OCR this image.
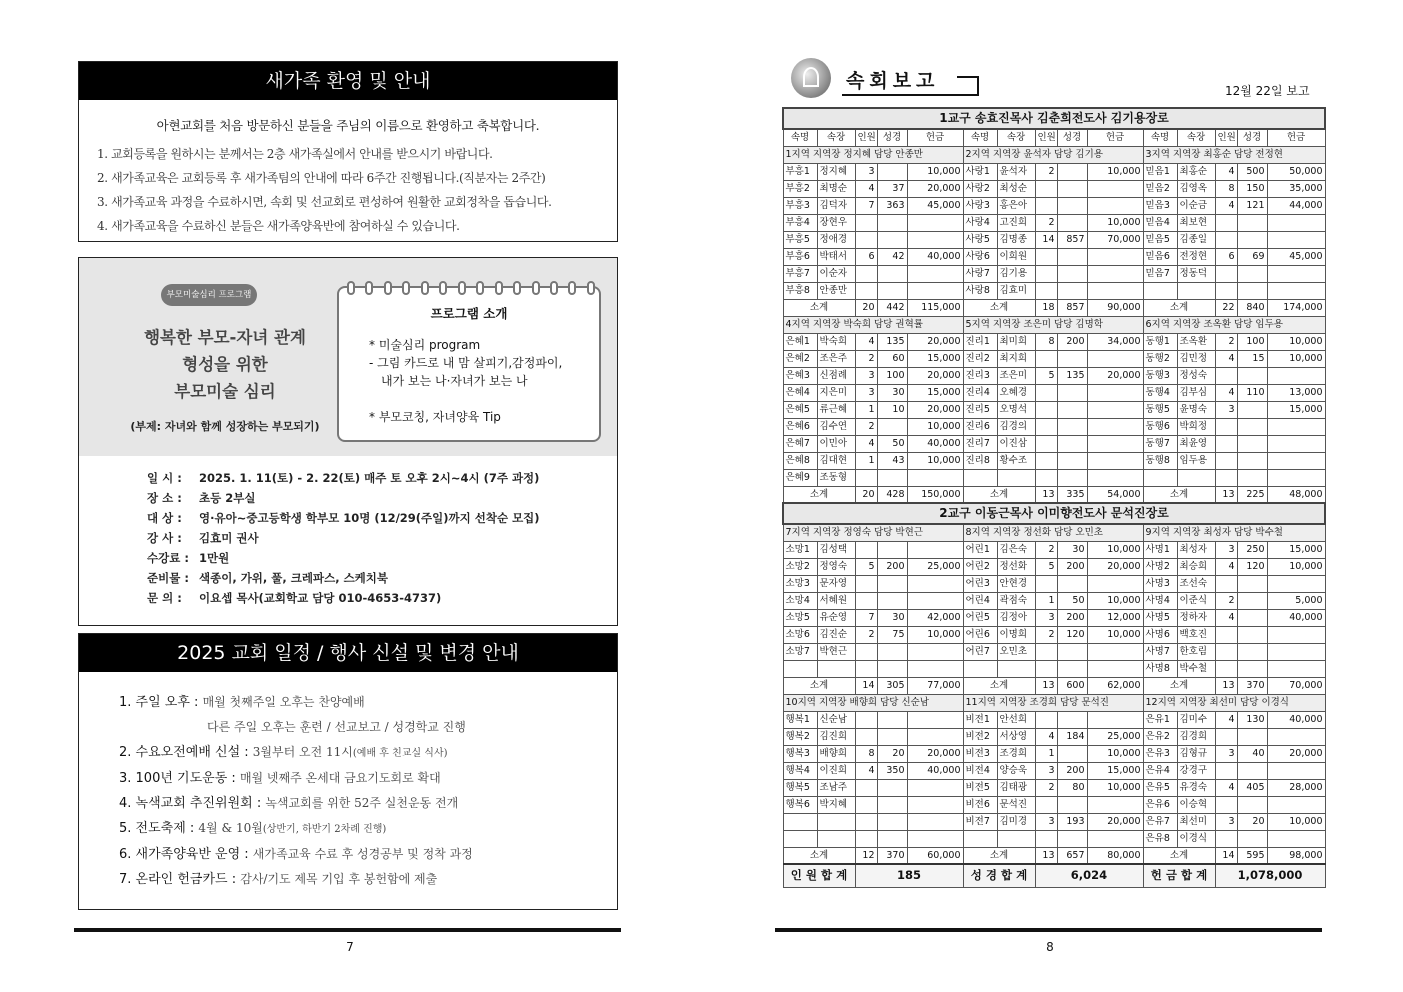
새가족 환영 및 안내

아현교회를 처음 방문하신 분들을 주님의 이름으로 환영하고 축복합니다.

1. 교회등록을 원하시는 분께서는 2층 새가족실에서 안내를 받으시기 바랍니다.
2. 새가족교육은 교회등록 후 새가족팀의 안내에 따라 6주간 진행됩니다.(직분자는 2주간)
3. 새가족교육 과정을 수료하시면, 속회 및 선교회로 편성하여 원활한 교회정착을 돕습니다.
4. 새가족교육을 수료하신 분들은 새가족양육반에 참여하실 수 있습니다.
부모미술심리 프로그램
행복한 부모-자녀 관계
형성을 위한
부모미술 심리
(부제: 자녀와 함께 성장하는 부모되기)
프로그램 소개
* 미술심리 program
- 그림 카드로 내 맘 살피기,감정파이,
내가 보는 나·자녀가 보는 나
* 부모코칭, 자녀양육 Tip
일 시 : 2025. 1. 11(토) - 2. 22(토) 매주 토 오후 2시~4시 (7주 과정)
장 소 : 초등 2부실
대 상 : 영·유아~중고등학생 학부모 10명 (12/29(주일)까지 선착순 모집)
강 사 : 김효미 권사
수강료 : 1만원
준비물 : 색종이, 가위, 풀, 크레파스, 스케치북
문 의 : 이요셉 목사(교회학교 담당 010-4653-4737)
2025 교회 일정 / 행사 신설 및 변경 안내
1. 주일 오후 : 매월 첫째주일 오후는 찬양예배
다른 주일 오후는 훈련 / 선교보고 / 성경학교 진행
2. 수요오전예배 신설 : 3월부터 오전 11시(예배 후 친교실 식사)
3. 100년 기도운동 : 매월 넷째주 온세대 금요기도회로 확대
4. 녹색교회 추진위원회 : 녹색교회를 위한 52주 실천운동 전개
5. 전도축제 : 4월 & 10월(상반기, 하반기 2차례 진행)
6. 새가족양육반 운영 : 새가족교육 수료 후 성경공부 및 정착 과정
7. 온라인 헌금카드 : 감사/기도 제목 기입 후 봉헌함에 제출
7
속회보고	12월 22일 보고
1교구 송효진목사 김춘희전도사 김기용장로														
속명	속장	인원	성경	헌금	속명	속장	인원	성경	헌금	속명	속장	인원	성경	헌금
1지역 지역장 정지혜 담당 안종만					2지역 지역장 윤석자 담당 김기용					3지역 지역장 최홍순 담당 전정현				
부흥1	정지혜	3		10,000	사랑1	윤석자	2		10,000	믿음1	최홍순	4	500	50,000
부흥2	최명순	4	37	20,000	사랑2	최성순				믿음2	김영옥	8	150	35,000
부흥3	김덕자	7	363	45,000	사랑3	홍은아				믿음3	이순금	4	121	44,000
부흥4	장현우				사랑4	고진희	2		10,000	믿음4	최보현			
부흥5	정애경				사랑5	김명종	14	857	70,000	믿음5	김종일			
부흥6	박태서	6	42	40,000	사랑6	이희원				믿음6	전정현	6	69	45,000
부흥7	이순자				사랑7	김기용				믿음7	정동덕			
부흥8	안종만				사랑8	김효미								
소계		20	442	115,000	소계		18	857	90,000	소계		22	840	174,000
4지역 지역장 박숙희 담당 권혁률					5지역 지역장 조은미 담당 김명학					6지역 지역장 조옥환 담당 임두용				
은혜1	박숙희	4	135	20,000	진리1	최미희	8	200	34,000	동행1	조옥환	2	100	10,000
은혜2	조은주	2	60	15,000	진리2	최지희				동행2	김민정	4	15	10,000
은혜3	신점례	3	100	20,000	진리3	조은미	5	135	20,000	동행3	정성숙			
은혜4	지은미	3	30	15,000	진리4	오혜경				동행4	김부심	4	110	13,000
은혜5	류근혜	1	10	20,000	진리5	오명석				동행5	윤명숙	3		15,000
은혜6	김수연	2		10,000	진리6	김경의				동행6	박희정			
은혜7	이민아	4	50	40,000	진리7	이진삼				동행7	최윤영			
은혜8	김대현	1	43	10,000	진리8	황수조				동행8	임두용			
은혜9	조동형													
소계		20	428	150,000	소계		13	335	54,000	소계		13	225	48,000
2교구 이동근목사 이미향전도사 문석진장로														
7지역 지역장 정영숙 담당 박현근					8지역 지역장 정선화 담당 오민초					9지역 지역장 최성자 담당 박수철				
소망1	김성택				어린1	김은숙	2	30	10,000	사명1	최성자	3	250	15,000
소망2	정영숙	5	200	25,000	어린2	정선화	5	200	20,000	사명2	최승희	4	120	10,000
소망3	문자영				어린3	안현경				사명3	조선숙			
소망4	서혜원				어린4	곽점숙	1	50	10,000	사명4	이준식	2		5,000
소망5	유순영	7	30	42,000	어린5	김정아	3	200	12,000	사명5	정하자	4		40,000
소망6	김진순	2	75	10,000	어린6	이명희	2	120	10,000	사명6	백호진			
소망7	박현근				어린7	오민초				사명7	한호림			
										사명8	박수철			
소계		14	305	77,000	소계		13	600	62,000	소계		13	370	70,000
10지역 지역장 배향희 담당 신순남					11지역 지역장 조경희 담당 문석진					12지역 지역장 최선미 담당 이경식				
행복1	신순남				비전1	안선희				은유1	김미수	4	130	40,000
행복2	김진희				비전2	서상영	4	184	25,000	은유2	김경희			
행복3	배향희	8	20	20,000	비전3	조경희	1		10,000	은유3	김형규	3	40	20,000
행복4	이진희	4	350	40,000	비전4	양승욱	3	200	15,000	은유4	강경구			
행복5	조남주				비전5	김태광	2	80	10,000	은유5	유경숙	4	405	28,000
행복6	박지혜				비전6	문석진				은유6	이승혁			
					비전7	김미경	3	193	20,000	은유7	최선미	3	20	10,000
										은유8	이경식			
소계		12	370	60,000	소계		13	657	80,000	소계		14	595	98,000
인 원 합 계		185			성 경 합 계		6,024			헌 금 합 계		1,078,000		
8
